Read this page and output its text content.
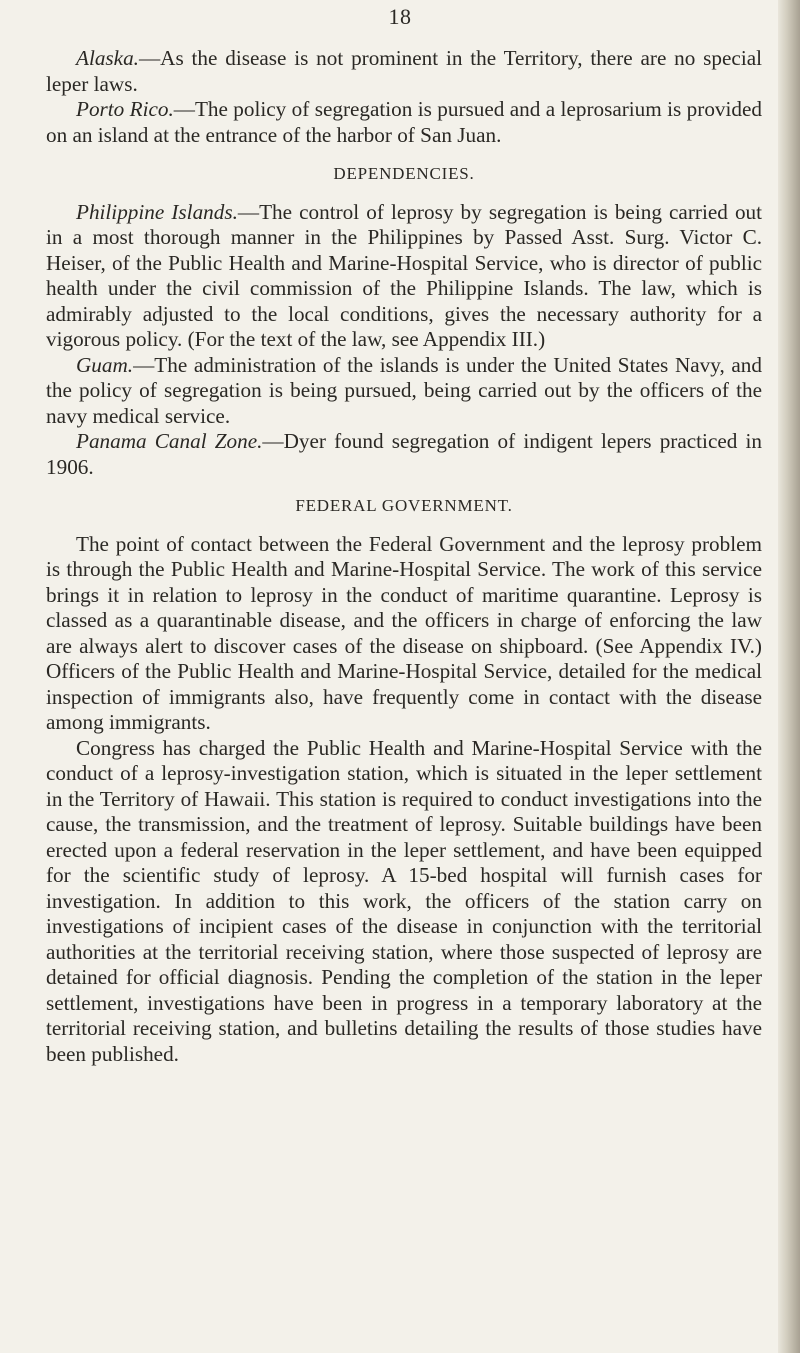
18

Alaska.—As the disease is not prominent in the Territory, there are no special leper laws.

Porto Rico.—The policy of segregation is pursued and a leprosarium is provided on an island at the entrance of the harbor of San Juan.

DEPENDENCIES.

Philippine Islands.—The control of leprosy by segregation is being carried out in a most thorough manner in the Philippines by Passed Asst. Surg. Victor C. Heiser, of the Public Health and Marine-Hospital Service, who is director of public health under the civil commission of the Philippine Islands. The law, which is admirably adjusted to the local conditions, gives the necessary authority for a vigorous policy. (For the text of the law, see Appendix III.)

Guam.—The administration of the islands is under the United States Navy, and the policy of segregation is being pursued, being carried out by the officers of the navy medical service.

Panama Canal Zone.—Dyer found segregation of indigent lepers practiced in 1906.

FEDERAL GOVERNMENT.

The point of contact between the Federal Government and the leprosy problem is through the Public Health and Marine-Hospital Service. The work of this service brings it in relation to leprosy in the conduct of maritime quarantine. Leprosy is classed as a quarantinable disease, and the officers in charge of enforcing the law are always alert to discover cases of the disease on shipboard. (See Appendix IV.) Officers of the Public Health and Marine-Hospital Service, detailed for the medical inspection of immigrants also, have frequently come in contact with the disease among immigrants.

Congress has charged the Public Health and Marine-Hospital Service with the conduct of a leprosy-investigation station, which is situated in the leper settlement in the Territory of Hawaii. This station is required to conduct investigations into the cause, the transmission, and the treatment of leprosy. Suitable buildings have been erected upon a federal reservation in the leper settlement, and have been equipped for the scientific study of leprosy. A 15-bed hospital will furnish cases for investigation. In addition to this work, the officers of the station carry on investigations of incipient cases of the disease in conjunction with the territorial authorities at the territorial receiving station, where those suspected of leprosy are detained for official diagnosis. Pending the completion of the station in the leper settlement, investigations have been in progress in a temporary laboratory at the territorial receiving station, and bulletins detailing the results of those studies have been published.
